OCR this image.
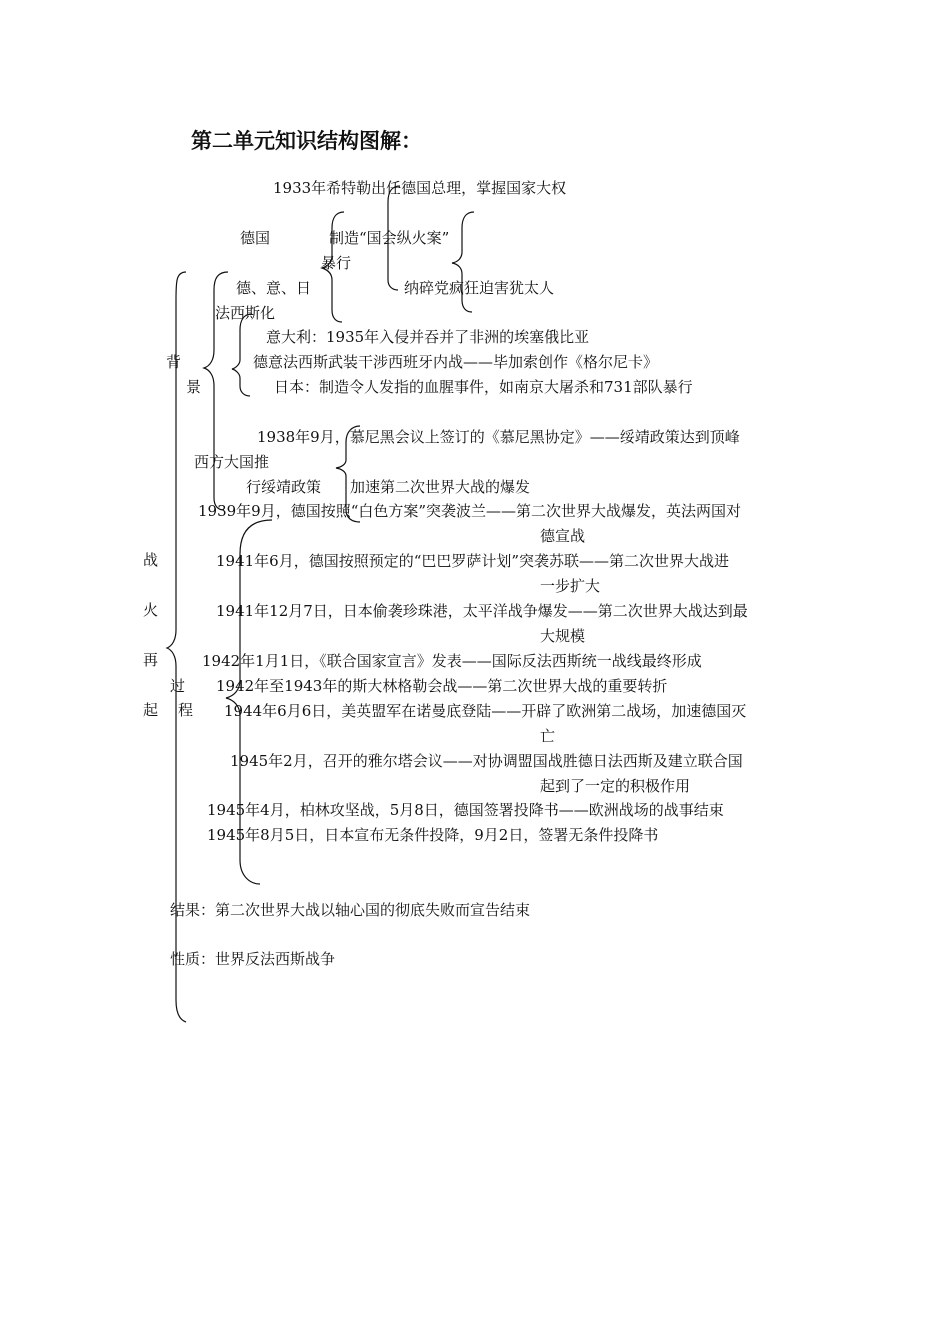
第二单元知识结构图解：
战
火
再
起
背
景
1933年希特勒出任德国总理，掌握国家大权
德国	制造“国会纵火案”
暴行
纳碎党疯狂迫害犹太人
德、意、日
法西斯化
意大利：1935年入侵并吞并了非洲的埃塞俄比亚
德意法西斯武装干涉西班牙内战——毕加索创作《格尔尼卡》
日本：制造令人发指的血腥事件，如南京大屠杀和731部队暴行
1938年9月，慕尼黑会议上签订的《慕尼黑协定》——绥靖政策达到顶峰
西方大国推
行绥靖政策 加速第二次世界大战的爆发
过
程
1939年9月，德国按照“白色方案”突袭波兰——第二次世界大战爆发，英法两国对
德宣战
1941年6月，德国按照预定的“巴巴罗萨计划”突袭苏联——第二次世界大战进
一步扩大
1941年12月7日，日本偷袭珍珠港，太平洋战争爆发——第二次世界大战达到最
大规模
1942年1月1日，《联合国家宣言》发表——国际反法西斯统一战线最终形成
1942年至1943年的斯大林格勒会战——第二次世界大战的重要转折
1944年6月6日，美英盟军在诺曼底登陆——开辟了欧洲第二战场，加速德国灭
亡
1945年2月，召开的雅尔塔会议——对协调盟国战胜德日法西斯及建立联合国
起到了一定的积极作用
1945年4月，柏林攻坚战，5月8日，德国签署投降书——欧洲战场的战事结束
1945年8月5日，日本宣布无条件投降，9月2日，签署无条件投降书
结果：第二次世界大战以轴心国的彻底失败而宣告结束
性质：世界反法西斯战争
